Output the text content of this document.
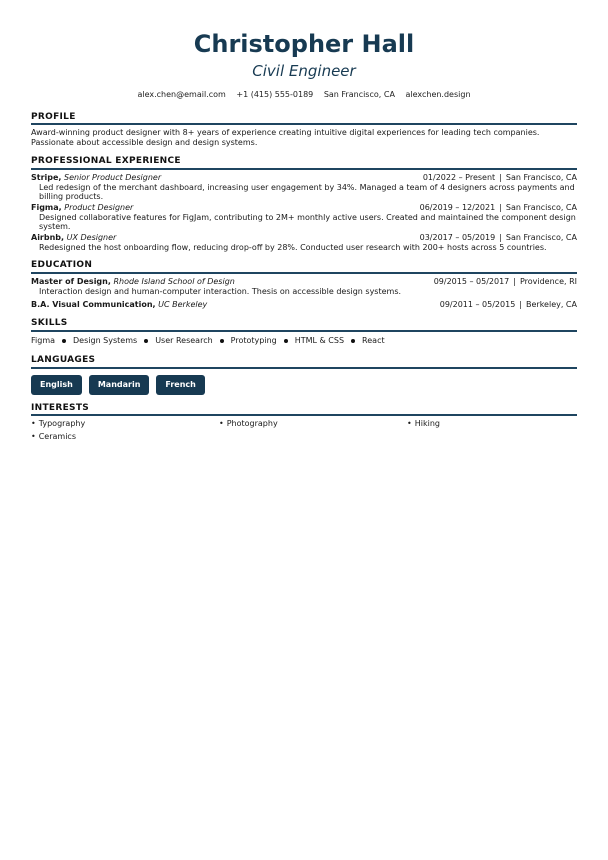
Christopher Hall
Civil Engineer
alex.chen@email.com +1 (415) 555-0189 San Francisco, CA alexchen.design
PROFILE
Award-winning product designer with 8+ years of experience creating intuitive digital experiences for leading tech companies. Passionate about accessible design and design systems.
PROFESSIONAL EXPERIENCE
Stripe, Senior Product Designer	01/2022 – Present | San Francisco, CA
Led redesign of the merchant dashboard, increasing user engagement by 34%. Managed a team of 4 designers across payments and billing products.
Figma, Product Designer	06/2019 – 12/2021 | San Francisco, CA
Designed collaborative features for FigJam, contributing to 2M+ monthly active users. Created and maintained the component design system.
Airbnb, UX Designer	03/2017 – 05/2019 | San Francisco, CA
Redesigned the host onboarding flow, reducing drop-off by 28%. Conducted user research with 200+ hosts across 5 countries.
EDUCATION
Master of Design, Rhode Island School of Design	09/2015 – 05/2017 | Providence, RI
Interaction design and human-computer interaction. Thesis on accessible design systems.
B.A. Visual Communication, UC Berkeley	09/2011 – 05/2015 | Berkeley, CA
SKILLS
Figma Design Systems User Research Prototyping HTML & CSS React
LANGUAGES
English	Mandarin	French
INTERESTS
• Typography	• Photography	• Hiking
• Ceramics
